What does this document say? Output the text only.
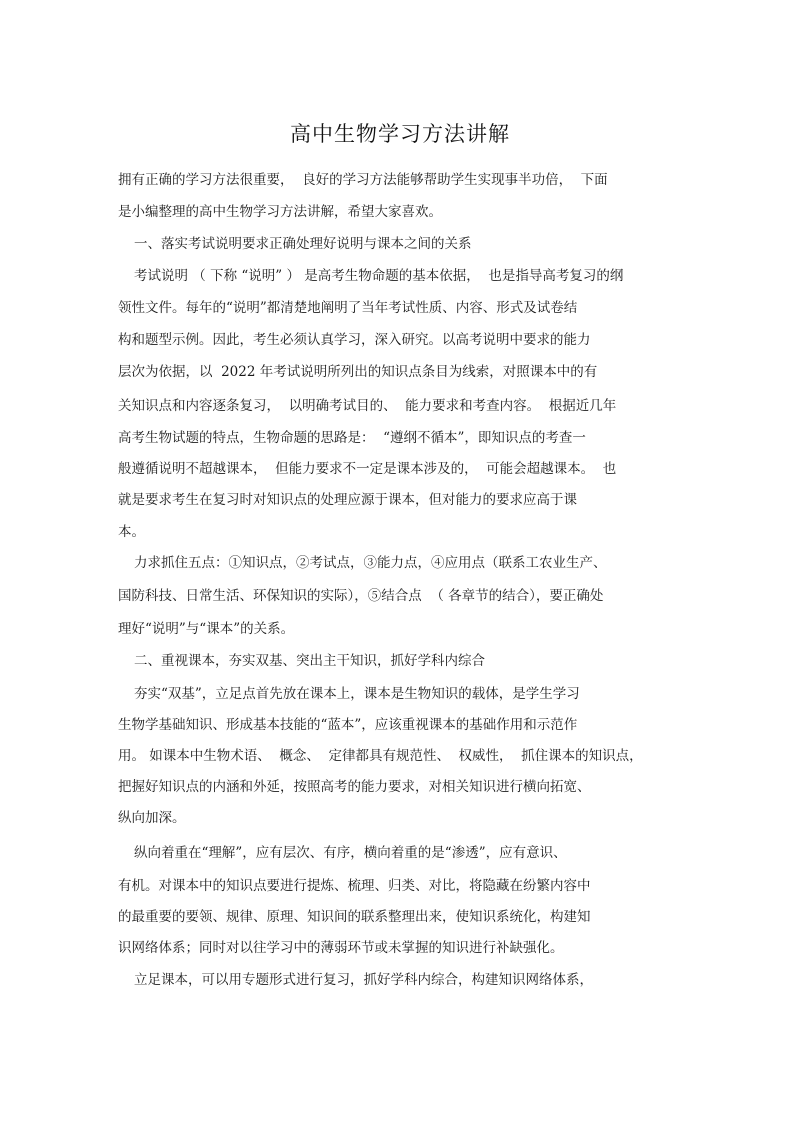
高中生物学习方法讲解
拥有正确的学习方法很重要，  良好的学习方法能够帮助学生实现事半功倍，  下面
是小编整理的高中生物学习方法讲解，希望大家喜欢。
一、落实考试说明要求正确处理好说明与课本之间的关系
考试说明 （ 下称 “说明” ） 是高考生物命题的基本依据，  也是指导高考复习的纲
领性文件。每年的“说明”都清楚地阐明了当年考试性质、内容、形式及试卷结
构和题型示例。因此，考生必须认真学习，深入研究。以高考说明中要求的能力
层次为依据，以  2022 年考试说明所列出的知识点条目为线索，对照课本中的有
关知识点和内容逐条复习，  以明确考试目的、  能力要求和考查内容。  根据近几年
高考生物试题的特点，生物命题的思路是：  “遵纲不循本”，即知识点的考查一
般遵循说明不超越课本，  但能力要求不一定是课本涉及的，  可能会超越课本。  也
就是要求考生在复习时对知识点的处理应源于课本，但对能力的要求应高于课
本。
力求抓住五点：①知识点，②考试点，③能力点，④应用点（联系工农业生产、
国防科技、日常生活、环保知识的实际），⑤结合点  （ 各章节的结合），要正确处
理好“说明”与“课本”的关系。
二、重视课本，夯实双基、突出主干知识，抓好学科内综合
夯实“双基”，立足点首先放在课本上，课本是生物知识的载体，是学生学习
生物学基础知识、形成基本技能的“蓝本”，应该重视课本的基础作用和示范作
用。 如课本中生物术语、  概念、  定律都具有规范性、  权威性，  抓住课本的知识点，
把握好知识点的内涵和外延，按照高考的能力要求，对相关知识进行横向拓宽、
纵向加深。
纵向着重在“理解”，应有层次、有序，横向着重的是“渗透”，应有意识、
有机。对课本中的知识点要进行提炼、梳理、归类、对比，将隐藏在纷繁内容中
的最重要的要领、规律、原理、知识间的联系整理出来，使知识系统化，构建知
识网络体系；同时对以往学习中的薄弱环节或未掌握的知识进行补缺强化。
立足课本，可以用专题形式进行复习，抓好学科内综合，构建知识网络体系，
